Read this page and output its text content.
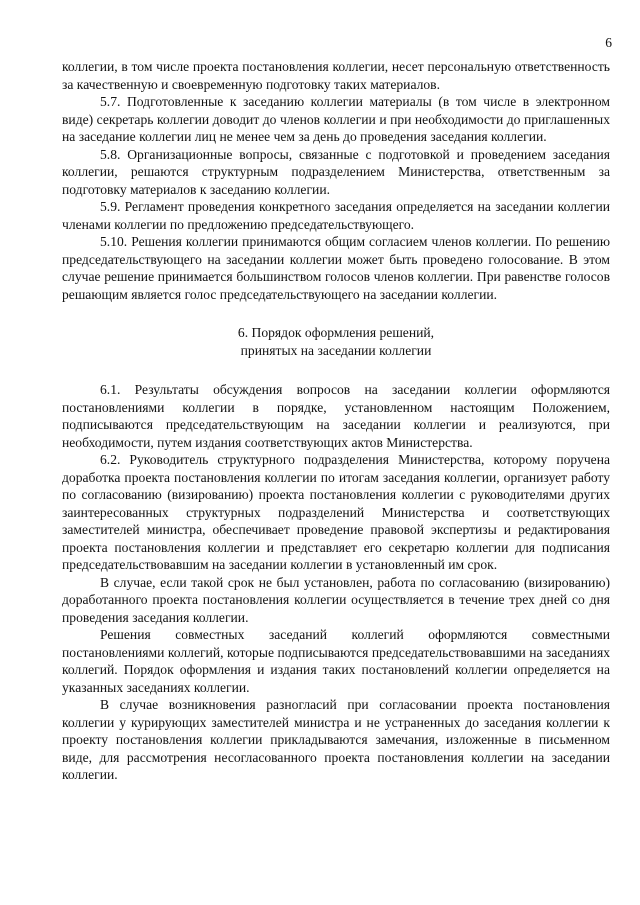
6

коллегии, в том числе проекта постановления коллегии, несет персональную ответственность за качественную и своевременную подготовку таких материалов.

5.7. Подготовленные к заседанию коллегии материалы (в том числе в электронном виде) секретарь коллегии доводит до членов коллегии и при необходимости до приглашенных на заседание коллегии лиц не менее чем за день до проведения заседания коллегии.

5.8. Организационные вопросы, связанные с подготовкой и проведением заседания коллегии, решаются структурным подразделением Министерства, ответственным за подготовку материалов к заседанию коллегии.

5.9. Регламент проведения конкретного заседания определяется на заседании коллегии членами коллегии по предложению председательствующего.

5.10. Решения коллегии принимаются общим согласием членов коллегии. По решению председательствующего на заседании коллегии может быть проведено голосование. В этом случае решение принимается большинством голосов членов коллегии. При равенстве голосов решающим является голос председательствующего на заседании коллегии.

6. Порядок оформления решений,
принятых на заседании коллегии

6.1. Результаты обсуждения вопросов на заседании коллегии оформляются постановлениями коллегии в порядке, установленном настоящим Положением, подписываются председательствующим на заседании коллегии и реализуются, при необходимости, путем издания соответствующих актов Министерства.

6.2. Руководитель структурного подразделения Министерства, которому поручена доработка проекта постановления коллегии по итогам заседания коллегии, организует работу по согласованию (визированию) проекта постановления коллегии с руководителями других заинтересованных структурных подразделений Министерства и соответствующих заместителей министра, обеспечивает проведение правовой экспертизы и редактирования проекта постановления коллегии и представляет его секретарю коллегии для подписания председательствовавшим на заседании коллегии в установленный им срок.

В случае, если такой срок не был установлен, работа по согласованию (визированию) доработанного проекта постановления коллегии осуществляется в течение трех дней со дня проведения заседания коллегии.

Решения совместных заседаний коллегий оформляются совместными постановлениями коллегий, которые подписываются председательствовавшими на заседаниях коллегий. Порядок оформления и издания таких постановлений коллегии определяется на указанных заседаниях коллегии.

В случае возникновения разногласий при согласовании проекта постановления коллегии у курирующих заместителей министра и не устраненных до заседания коллегии к проекту постановления коллегии прикладываются замечания, изложенные в письменном виде, для рассмотрения несогласованного проекта постановления коллегии на заседании коллегии.
